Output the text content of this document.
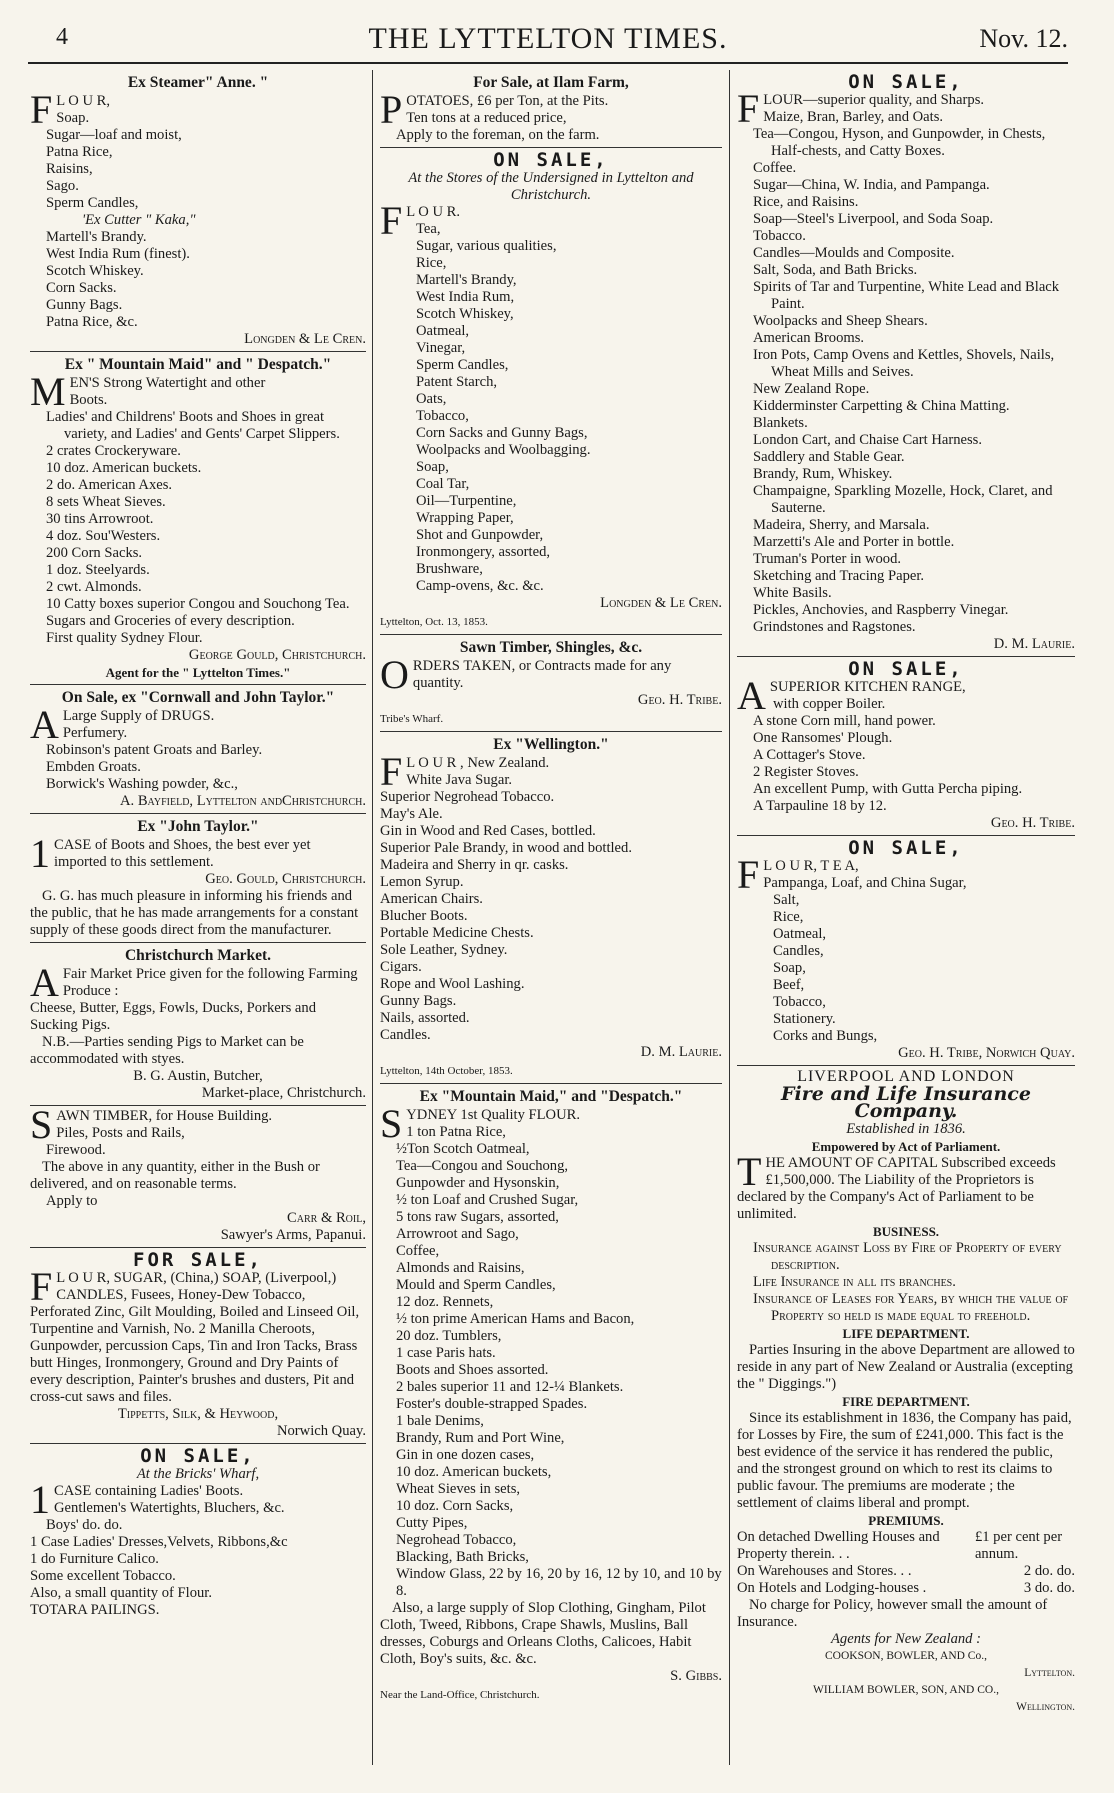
4	THE LYTTELTON TIMES.	Nov. 12.
Ex Steamer" Anne. "
F L O U R,
Soap.
Sugar—loaf and moist,
Patna Rice,
Raisins,
Sago.
Sperm Candles,
'Ex Cutter " Kaka,"
Martell's Brandy.
West India Rum (finest).
Scotch Whiskey.
Corn Sacks.
Gunny Bags.
Patna Rice, &c.
Longden & Le Cren.
Ex " Mountain Maid" and " Despatch."
MEN'S Strong Watertight and other
Boots.
Ladies' and Childrens' Boots and Shoes in great variety, and Ladies' and Gents' Carpet Slippers.
2 crates Crockeryware.
10 doz. American buckets.
2 do. American Axes.
8 sets Wheat Sieves.
30 tins Arrowroot.
4 doz. Sou'Westers.
200 Corn Sacks.
1 doz. Steelyards.
2 cwt. Almonds.
10 Catty boxes superior Congou and Souchong Tea.
Sugars and Groceries of every description.
First quality Sydney Flour.
George Gould, Christchurch.
Agent for the " Lyttelton Times."
On Sale, ex "Cornwall and John Taylor."
A Large Supply of DRUGS.
Perfumery.
Robinson's patent Groats and Barley.
Embden Groats.
Borwick's Washing powder, &c.,
A. Bayfield, Lyttelton andChristchurch.
Ex "John Taylor."
1 CASE of Boots and Shoes, the best ever yet imported to this settlement.
Geo. Gould, Christchurch.
G. G. has much pleasure in informing his friends and the public, that he has made arrangements for a constant supply of these goods direct from the manufacturer.
Christchurch Market.
A Fair Market Price given for the following Farming Produce :
Cheese, Butter, Eggs, Fowls, Ducks, Porkers and Sucking Pigs.
N.B.—Parties sending Pigs to Market can be accommodated with styes.
B. G. Austin, Butcher,
Market-place, Christchurch.
SAWN TIMBER, for House Building.
Piles, Posts and Rails,
Firewood.
The above in any quantity, either in the Bush or delivered, and on reasonable terms.
Apply to
Carr & Roil,
Sawyer's Arms, Papanui.
FOR SALE,
F L O U R, SUGAR, (China,) SOAP, (Liverpool,) CANDLES, Fusees, Honey-Dew Tobacco, Perforated Zinc, Gilt Moulding, Boiled and Linseed Oil, Turpentine and Varnish, No. 2 Manilla Cheroots, Gunpowder, percussion Caps, Tin and Iron Tacks, Brass butt Hinges, Ironmongery, Ground and Dry Paints of every description, Painter's brushes and dusters, Pit and cross-cut saws and files.
Tippetts, Silk, & Heywood,
Norwich Quay.
ON SALE,
At the Bricks' Wharf,
1 CASE containing Ladies' Boots.
Gentlemen's Watertights, Bluchers, &c.
Boys' do. do.
1 Case Ladies' Dresses,Velvets, Ribbons,&c
1 do Furniture Calico.
Some excellent Tobacco.
Also, a small quantity of Flour.
TOTARA PAILINGS.
For Sale, at Ilam Farm,
POTATOES, £6 per Ton, at the Pits.
Ten tons at a reduced price,
Apply to the foreman, on the farm.
ON SALE,
At the Stores of the Undersigned in Lyttelton and Christchurch.
F L O U R.
Tea,
Sugar, various qualities,
Rice,
Martell's Brandy,
West India Rum,
Scotch Whiskey,
Oatmeal,
Vinegar,
Sperm Candles,
Patent Starch,
Oats,
Tobacco,
Corn Sacks and Gunny Bags,
Woolpacks and Woolbagging.
Soap,
Coal Tar,
Oil—Turpentine,
Wrapping Paper,
Shot and Gunpowder,
Ironmongery, assorted,
Brushware,
Camp-ovens, &c. &c.
Longden & Le Cren.
Lyttelton, Oct. 13, 1853.
Sawn Timber, Shingles, &c.
ORDERS TAKEN, or Contracts made for any quantity.
Geo. H. Tribe.
Tribe's Wharf.
Ex "Wellington."
F L O U R , New Zealand.
White Java Sugar.
Superior Negrohead Tobacco.
May's Ale.
Gin in Wood and Red Cases, bottled.
Superior Pale Brandy, in wood and bottled.
Madeira and Sherry in qr. casks.
Lemon Syrup.
American Chairs.
Blucher Boots.
Portable Medicine Chests.
Sole Leather, Sydney.
Cigars.
Rope and Wool Lashing.
Gunny Bags.
Nails, assorted.
Candles.
D. M. Laurie.
Lyttelton, 14th October, 1853.
Ex "Mountain Maid," and "Despatch."
SYDNEY 1st Quality FLOUR.
1 ton Patna Rice,
½Ton Scotch Oatmeal,
Tea—Congou and Souchong,
Gunpowder and Hysonskin,
½ ton Loaf and Crushed Sugar,
5 tons raw Sugars, assorted,
Arrowroot and Sago,
Coffee,
Almonds and Raisins,
Mould and Sperm Candles,
12 doz. Rennets,
½ ton prime American Hams and Bacon,
20 doz. Tumblers,
1 case Paris hats.
Boots and Shoes assorted.
2 bales superior 11 and 12-¼ Blankets.
Foster's double-strapped Spades.
1 bale Denims,
Brandy, Rum and Port Wine,
Gin in one dozen cases,
10 doz. American buckets,
Wheat Sieves in sets,
10 doz. Corn Sacks,
Cutty Pipes,
Negrohead Tobacco,
Blacking, Bath Bricks,
Window Glass, 22 by 16, 20 by 16, 12 by 10, and 10 by 8.
Also, a large supply of Slop Clothing, Gingham, Pilot Cloth, Tweed, Ribbons, Crape Shawls, Muslins, Ball dresses, Coburgs and Orleans Cloths, Calicoes, Habit Cloth, Boy's suits, &c. &c.
S. Gibbs.
Near the Land-Office, Christchurch.
ON SALE,
FLOUR—superior quality, and Sharps.
Maize, Bran, Barley, and Oats.
Tea—Congou, Hyson, and Gunpowder, in Chests, Half-chests, and Catty Boxes.
Coffee.
Sugar—China, W. India, and Pampanga.
Rice, and Raisins.
Soap—Steel's Liverpool, and Soda Soap.
Tobacco.
Candles—Moulds and Composite.
Salt, Soda, and Bath Bricks.
Spirits of Tar and Turpentine, White Lead and Black Paint.
Woolpacks and Sheep Shears.
American Brooms.
Iron Pots, Camp Ovens and Kettles, Shovels, Nails, Wheat Mills and Seives.
New Zealand Rope.
Kidderminster Carpetting & China Matting.
Blankets.
London Cart, and Chaise Cart Harness.
Saddlery and Stable Gear.
Brandy, Rum, Whiskey.
Champaigne, Sparkling Mozelle, Hock, Claret, and Sauterne.
Madeira, Sherry, and Marsala.
Marzetti's Ale and Porter in bottle.
Truman's Porter in wood.
Sketching and Tracing Paper.
White Basils.
Pickles, Anchovies, and Raspberry Vinegar.
Grindstones and Ragstones.
D. M. Laurie.
ON SALE,
ASUPERIOR KITCHEN RANGE,
with copper Boiler.
A stone Corn mill, hand power.
One Ransomes' Plough.
A Cottager's Stove.
2 Register Stoves.
An excellent Pump, with Gutta Percha piping.
A Tarpauline 18 by 12.
Geo. H. Tribe.
ON SALE,
F L O U R, T E A,
Pampanga, Loaf, and China Sugar,
Salt,
Rice,
Oatmeal,
Candles,
Soap,
Beef,
Tobacco,
Stationery.
Corks and Bungs,
Geo. H. Tribe, Norwich Quay.
LIVERPOOL AND LONDON
Fire and Life Insurance Company.
Established in 1836.
Empowered by Act of Parliament.
THE AMOUNT OF CAPITAL Subscribed exceeds £1,500,000. The Liability of the Proprietors is declared by the Company's Act of Parliament to be unlimited.
BUSINESS.
Insurance against Loss by Fire of Property of every description.
Life Insurance in all its branches.
Insurance of Leases for Years, by which the value of Property so held is made equal to freehold.
LIFE DEPARTMENT.
Parties Insuring in the above Department are allowed to reside in any part of New Zealand or Australia (excepting the " Diggings.")
FIRE DEPARTMENT.
Since its establishment in 1836, the Company has paid, for Losses by Fire, the sum of £241,000. This fact is the best evidence of the service it has rendered the public, and the strongest ground on which to rest its claims to public favour. The premiums are moderate ; the settlement of claims liberal and prompt.
PREMIUMS.
On detached Dwelling Houses and Property therein. . .
£1 per cent per annum.
On Warehouses and Stores. . .	2 do. do.
On Hotels and Lodging-houses .	3 do. do.
No charge for Policy, however small the amount of Insurance.
Agents for New Zealand :
COOKSON, BOWLER, AND Co.,
Lyttelton.
WILLIAM BOWLER, SON, AND CO.,
Wellington.
